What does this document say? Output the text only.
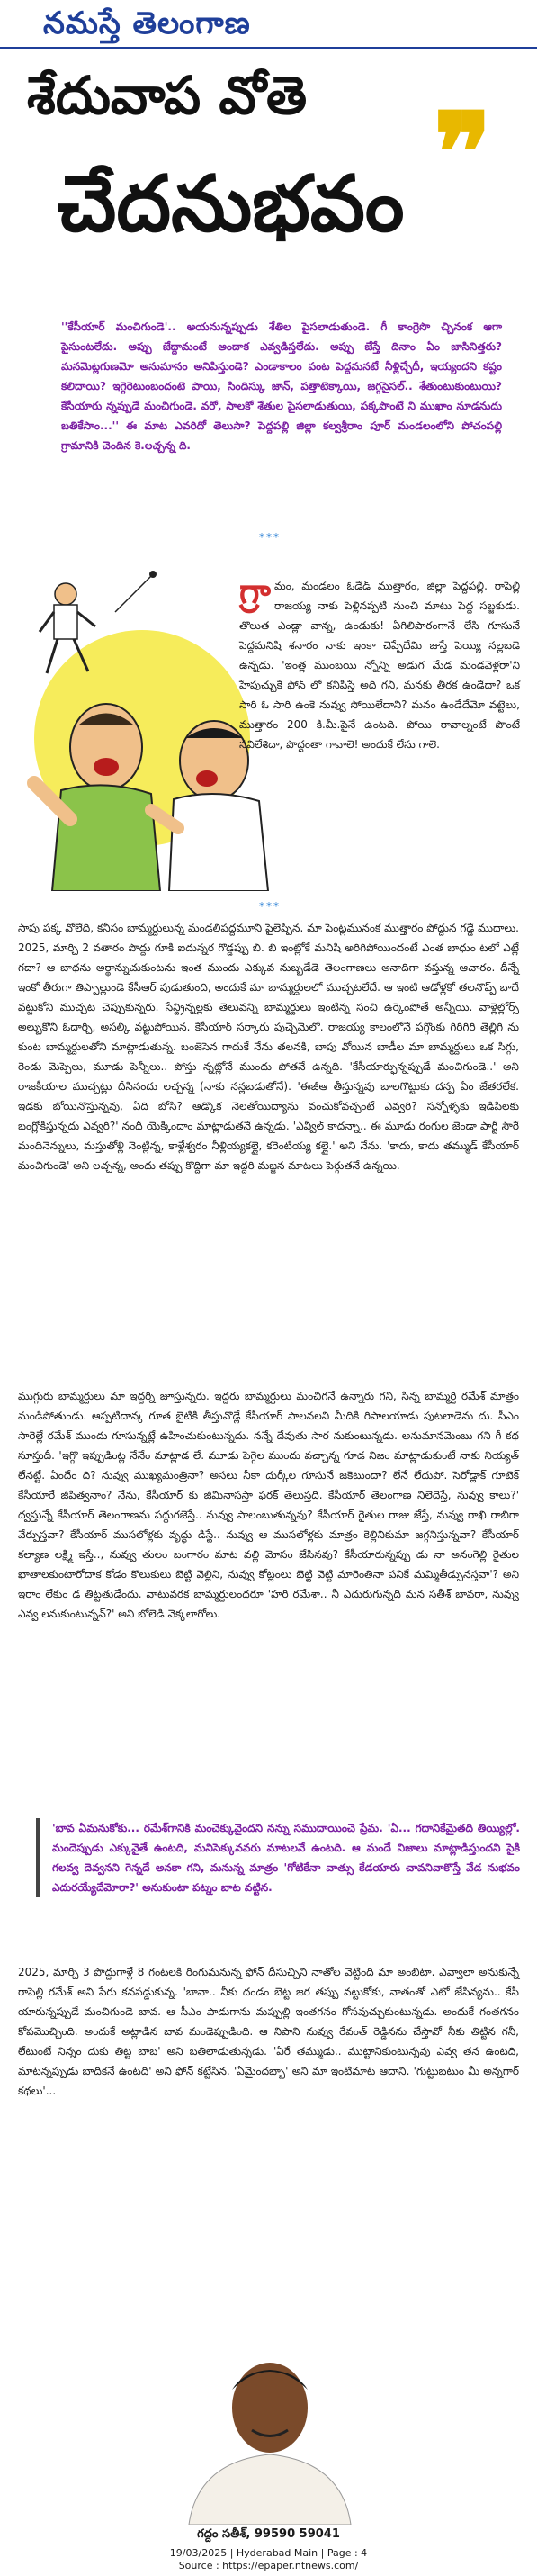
నమస్తే తెలంగాణ
శేదువాప వోతె ❞
చేదనుభవం
''కేసీయార్ మంచిగుండె'.. అయనున్నప్పుడు శేతిల పైసలాడుతుండె. గీ కాంగ్రెసొ చ్చినంక ఆగా పైసుంటలేదు. అప్పు జేద్దామంటే అందాక ఎవ్వడిస్తలేదు. అప్పు జేస్తే దినాం ఏం జాసినిత్తరు? మనమెట్లగుణమో అనుమానం అనిపిస్తుండె? ఎండాకాలం పంట పెద్దమనటే నీళ్లిచ్చేదీ, ఇయ్యందని కష్టం కలిదాయి? ఇగ్గెరెటుంబందంటె పాయి, సిందిస్కు జాన్, పత్తాటెక్కాయి, జగ్గసైసల్.. శేతుంటుకుంటుయి? కేసీయారు న్నప్పుడే మంచిగుండె. వరో, సాలకో శేతుల పైసలాడుతుయి, పక్కపొంటే ని ముఖాం నూడనుదు బతికేసాం...'' ఈ మాట ఎవరిదో తెలుసా? పెద్దపల్లి జిల్లా కల్వశ్రీరాం పూర్ మండలంలోని పోచంపల్లి గ్రామానికి చెందిన కె.లచ్చన్న ది.
***
గ్రా మం, మండలం ఓడేడ్ ముత్తారం, జిల్లా పెద్దపల్లి. రాపెల్లి రాజయ్య నాకు పెళ్లినప్పటి నుంచి మాటు పెద్ద సబ్జకుడు. తొలుత ఎండ్లా వాన్న, ఉండుకు! ఏగిలిపారంగానే లేసి గూసునే పెద్దమనిషి శనారం నాకు ఇంకా చెప్పేదేమి జుస్తే పెయ్యి నల్లబడె ఉన్నడు. 'ఇంత్ల ముంబయి న్నోన్ని అడుగ మేడ మండవెళ్లరా'ని హేపుచ్చుకే ఫోన్ లో కనిపిస్తే అది గని, మనకు తీరక ఉండేదా? ఒక సారి ఓ సారి ఉంకె నువ్వు సోయిలేదాని? మనం ఉండేదేమో వట్టెలు, ముత్తారం 200 కి.మీ.పైనే ఉంటది. పోయి రావాల్నంటే పొంటే సవిలేశిదా, పొద్దంతా గావాలె! అందుకే లేసు గాలె.
***
సాపు పక్క వోలేది, కనీసం బామ్మర్దులున్న మండలిపద్దమూని పైలెప్పిన. మా పెంట్లమునంక ముత్తారం పోద్దున గడ్డే ముదాలు. 2025, మార్చి 2 వతారం పొద్దు గూకి ఐదున్నర గొడ్డప్పు బి. బి ఇంట్లోకే మనిషి అరిగిపోయిందంటే ఎంత బాధుం టలో ఎట్లే గదా? ఆ బాధను అర్థాన్నుచుకుంటను ఇంత ముందు ఎక్కువ నుబ్బడేడె తెలంగాణలు అనాదిగా వస్తున్న ఆచారం. దీన్నే ఇంకో తీరుగా తిప్పాల్లుండె కేసీఆర్ పుడుతుంది, అందుకే మా బామ్మర్దులలో ముచ్చటలేదే. ఆ ఇంటి ఆడోళ్లకో తలనొప్ప్ బాదే వట్టుకోని ముచ్చట చెప్పుకున్నరు. సేన్ద్రిన్నల్లకు తెలువన్ని బామ్మర్దులు ఇంటిన్న సంచి ఉర్కెంపోతే అన్నీయి. వాళ్లెల్లోర్స్ అల్బుకొని ఓదార్చి, అసల్కి వట్టుపోయిన. కేసీయార్ సర్కారు పుచ్చెమెలో. రాజయ్య కాలంలోనే పగ్గొంకు గిరిగిరి తెల్లిగి ను కుంట బామ్మర్దులతోని మాట్లాడుతున్న. బంజెసెన గాదుకే నేను తలనకి, బాపు వోయిన బాడీల మా బామ్మర్దులు ఒక సిగ్గు, రెండు మెప్పెలు, మూడు పెన్నీలు.. పోస్తు న్నట్లోనే ముందు పోతనే ఉన్నది. 'కేసీయార్ఫున్నప్పుడే మంచిగుండె..' అని రాజకీయాల ముచ్చట్లు దీసినందు లచ్చన్న (నాకు నన్లబడుతోనే). 'ఈజీఆ తీస్తున్నవు బాలగొట్టుకు దన్ప ఏం జేతరలేక. ఇడకు బోయినొస్తున్నవు, ఏది బోసి? ఆడ్కొక నెలతోయిద్యాను వంచుకోవచ్చంటే ఎవ్వరి? సన్నోళ్ళకు ఇడిపిలకు బంగ్లోకిస్తున్నదు ఎవ్వరి?' నందీ యెక్కిందాం మాట్లాడుతనే ఉన్నడు. 'ఎవ్వీల్ కాదన్నా.. ఈ మూడు రంగుల జెండా పార్టీ సౌరే మందినెన్నులు, మస్తుతోళ్లి నెంట్లిన్న, కాళ్లేశ్వరం నీళ్లియ్యకల్లై, కరెంటియ్య కల్లై.' అని నేను. 'కాదు, కాదు తమ్ముడ్ కేసీయార్ మంచిగుండె' అని లచ్చన్న, అందు తప్పు కొద్దిగా మా ఇద్దరి మజ్జన మాటలు పెర్గుతనే ఉన్నయి.
ముగ్గురు బామ్మర్దులు మా ఇద్దర్ని జూస్తున్నరు. ఇద్దరు బామ్మర్దులు మంచిగనే ఉన్నారు గని, సిన్న బామ్మర్ది రమేశ్ మాత్రం మండిపోతుండు. ఆప్పటిదాన్క గూత బైటికి తీస్తువొడ్లే కేసీయార్ పాలనలని మీదికి రిపాలయాడు పుటలాడెను దు. సీఎం సారెల్లే రమేశ్ ముందు గూసున్నట్లే ఉహించుకుంటున్నదు. నన్నే దేవుతు సార నుకుంటున్నడు. అనుమానమెంబు గని గీ కథ సూస్తుదీ. 'ఇగ్గొ ఇప్పుడింట్ల నేనేం మాట్లాడ లే. మూడు పెగ్గెల ముందు వచ్చాన్న గూడ నిజం మాట్లాడుకుంటే నాకు నియ్యత్ లేనట్టే. ఏందేం ది? నువ్వు ముఖ్యమంత్రినా? అసలు నీకా దుర్కీల గూసునే జకెటుందా? లేనే లేదుపో. సెరోడ్లాక్ గూటెక్ కేసీయారే జిపిత్వనాం? నేను, కేసీయార్ కు జిమినాసస్తా ఫరక్ తెలుస్తది. కేసీయార్ తెలంగాణ నిలెదెస్తే, నువ్వు కాలు?' ద్వస్తున్నే కేసీయార్ తెలంగాణను పద్దుగజెస్తే.. నువ్వు పాలంబుతున్నవు? కేసీయార్ రైతుల రాజు జేస్తే, నువ్వు రాఖి రాబిగా వేర్పుస్తవా? కేసీయార్ ముసలోళ్లకు వృద్ధు డిస్టే.. నువ్వు ఆ ముసలోళ్లకు మాత్రం కెల్లినికుమా జగ్గనిస్తున్నవా? కేసీయార్ కల్యాణ లక్ష్మి ఇస్తే.., నువ్వు తులం బంగారం మాట వల్లి మోసం జేసినవు? కేసీయారున్నప్పు డు నా అనంగెల్లి రైతుల ఖాతాలకుంటారోదాక కోడం కొలుకులు బెట్టి వెల్లిని, నువ్వు కోట్లంలు బెట్టి వెట్టి మారెంతినా పనికే మమ్మితీడ్సునస్తవా'? అని ఇరాం లేకుం డ తిట్టతుడేందు. వాటువరక బామ్మర్దులందరూ 'హరి రమేశా.. నీ ఎదురుగున్నది మన సతీశ్ బావరా, నువ్వు ఎవ్వ లనుకుంటున్నవ్?' అని బోలెడి వెక్కలాగోలు.
'బావ ఏమనుకోకు... రమేశ్‌గానికి మంచెక్కువైందని నన్ను సముదాయించె ప్రేమ. 'ఏ... గదానికేమైతది తియ్యిల్లో. మందెప్పుడు ఎక్కువైతే ఉంటది, మనిసెక్కువవరు మాటలనే ఉంటది. ఆ మందే నిజాలు మాట్లాడిస్తుందని సైకి గలవ్వ దెవ్వనని గెన్నదే అనకా గని, మనున్న మాత్రం 'గోటికేనా వాత్సు కేడయారు చావనివాకొస్తే వేడ నుభవం ఎదురయ్యేదేమోరా?' అనుకుంటా పట్నం బాట వట్టిన.
2025, మార్చి 3 పొద్దుగాళ్లే 8 గంటలకి రింగుమనున్న ఫోన్ దీసుచ్చిని నాతోల వెట్టింది మా అంబిటా. ఎవ్వాలా అనుకున్నే రాపెల్లి రమేశ్ అని పేరు కనపడ్డుకున్న. 'బావా.. నీకు దండం బెట్ట జర తప్పు వట్టుకోకు, నాతంతో ఎటో జేసిన్యను.. కేసీ యారున్నప్పుడే మంచిగుండె బావ. ఆ సీఎం పాడుగాను మప్పుల్లి ఇంతగనం గోసవుచ్చుకుంటున్నడు. అందుకే గంతగనం కోపమొచ్చింది. అందుకే అట్లాడిన బావ మండెప్పుడింది. ఆ నిపాని నువ్వు రేవంత్ రెడ్డినను చేస్తావో నీకు తిట్టిన గనీ, లేటుంటే నిన్నం దుకు తిట్ట బాబ' అని బతిలాడుతున్నడు. 'ఏరే తమ్ముడు.. ముట్టానికుంటున్నవు ఎవ్వ తన ఉంటది, మాటన్నప్పుడు బాదికనే ఉంటది' అని ఫోన్ కట్టేసిన. 'ఏమైందబ్బా' అని మా ఇంటిమాట ఆదాని. 'గుట్టుబటుం మీ అన్నగార్ కథలు'...
గద్దం సతీశ్, 99590 59041
19/03/2025 | Hyderabad Main | Page : 4
Source : https://epaper.ntnews.com/
